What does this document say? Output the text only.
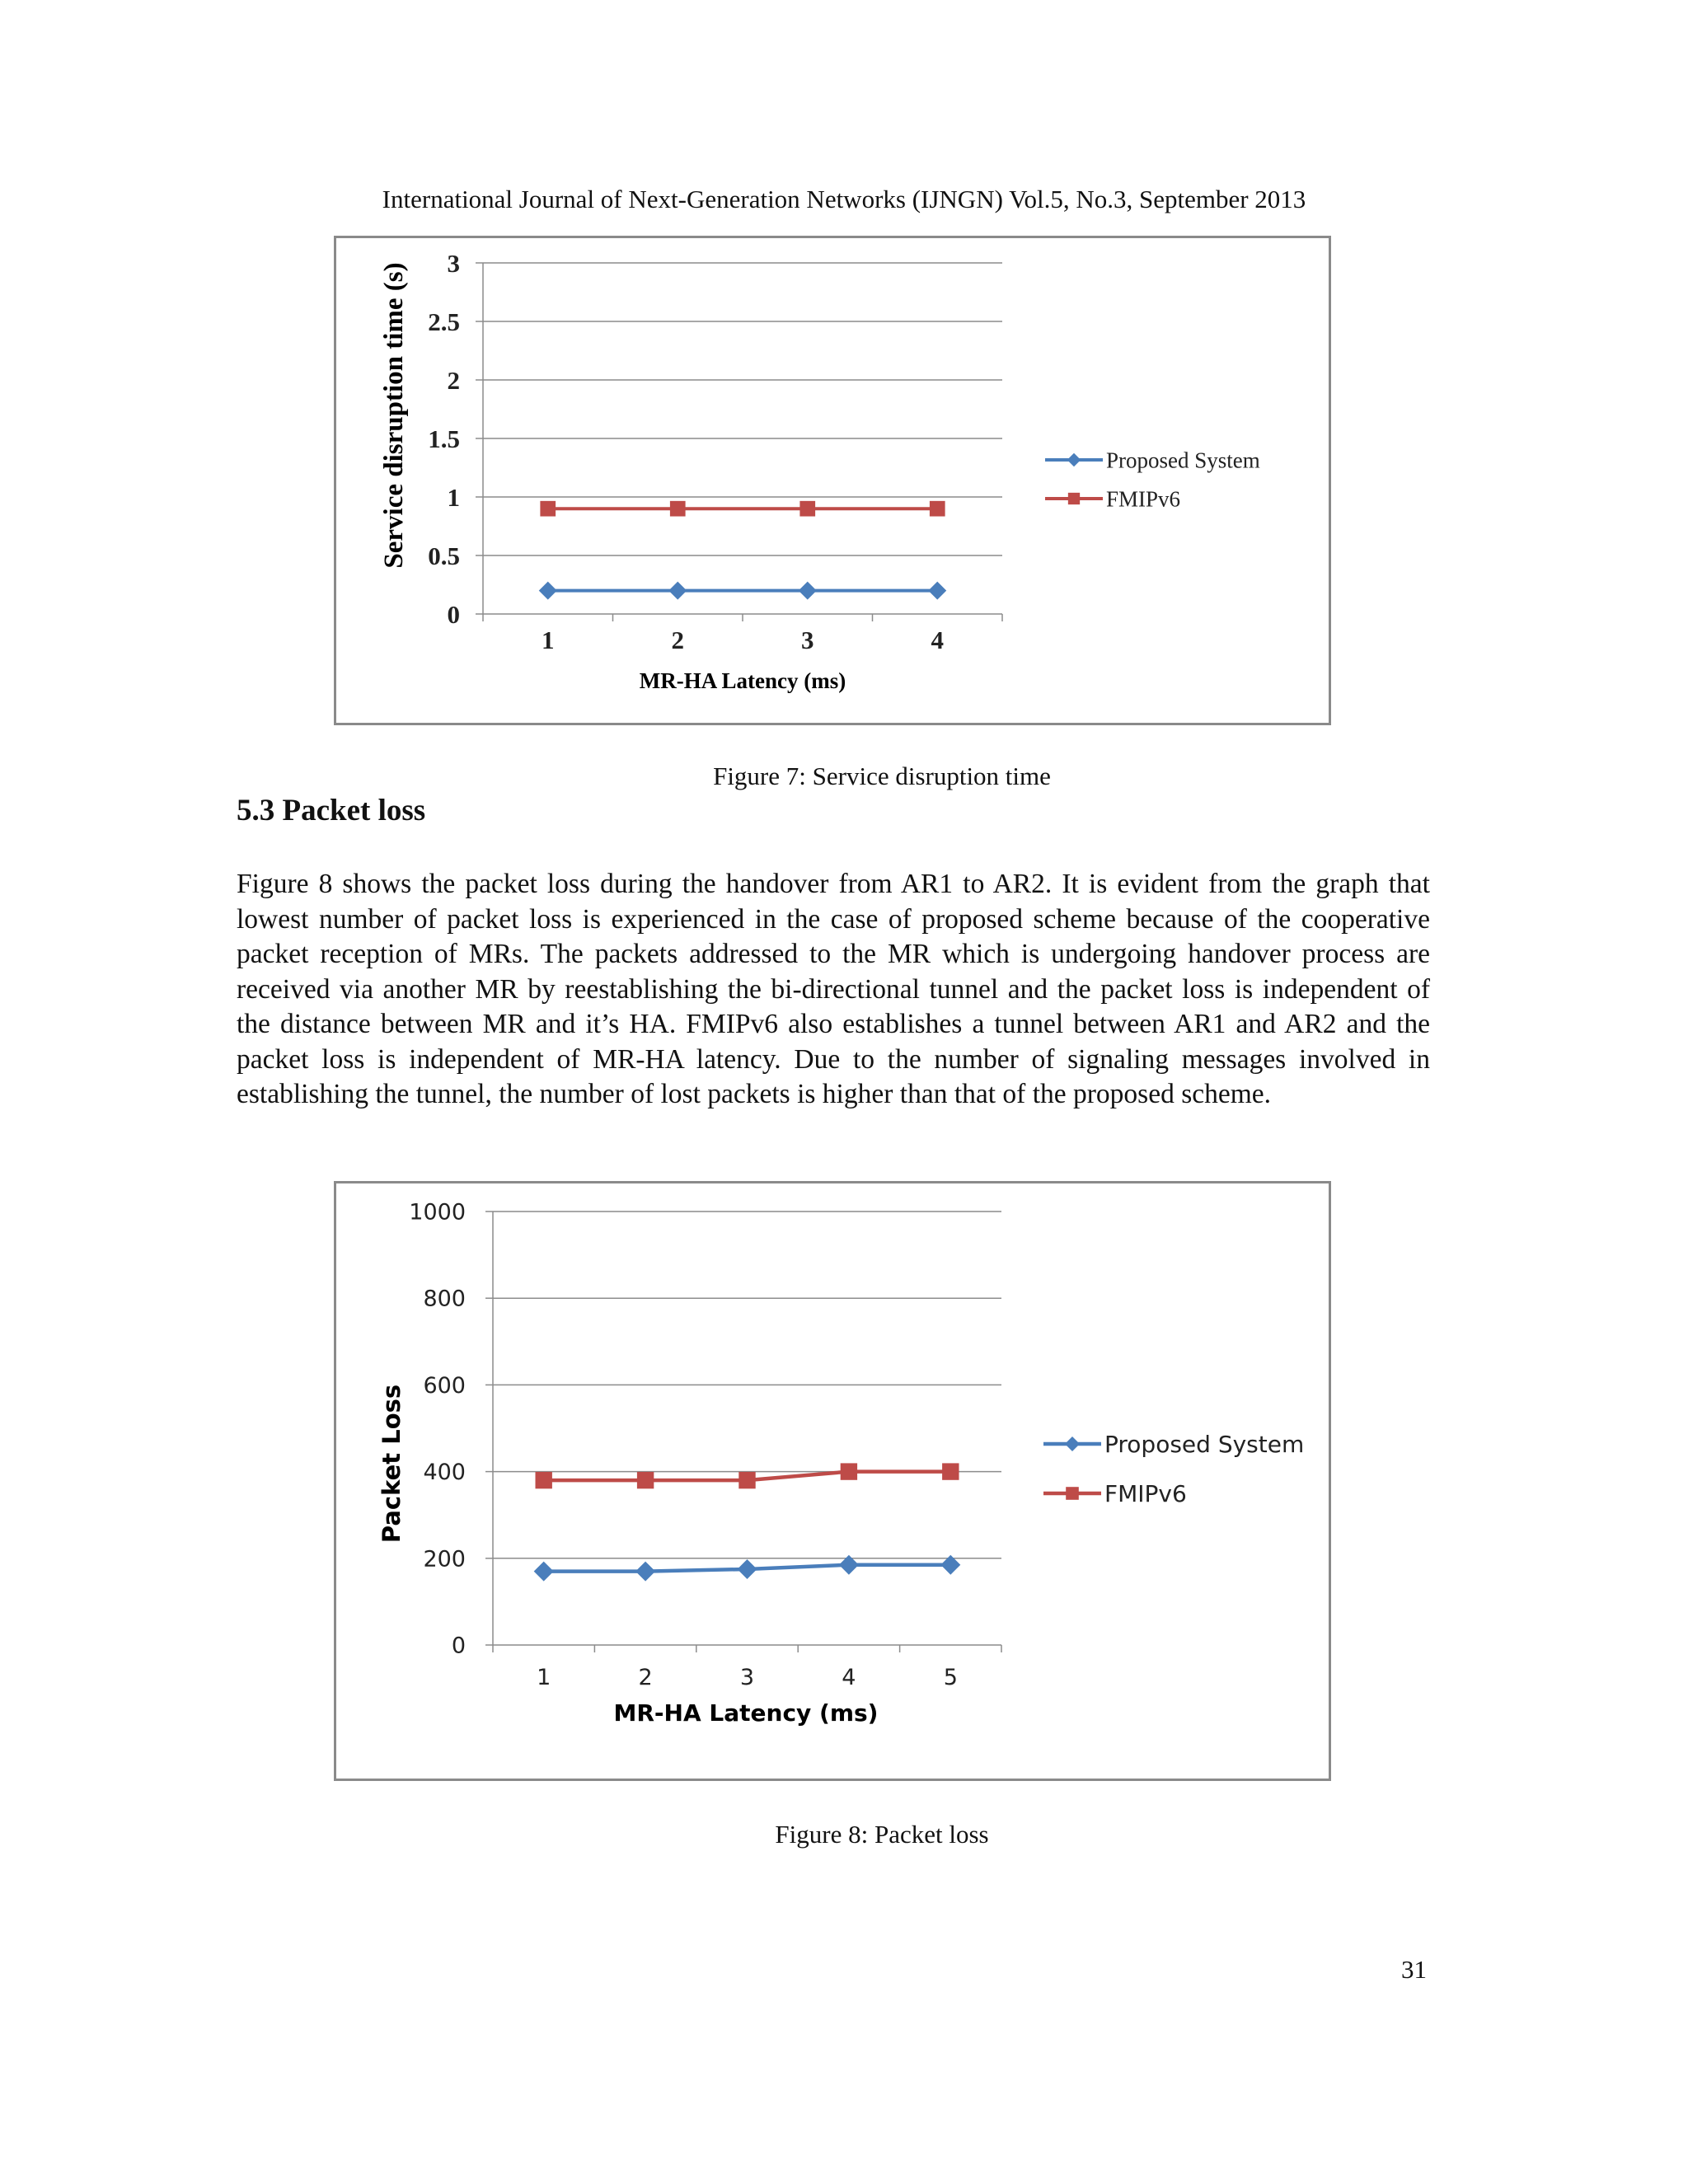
International Journal of Next-Generation Networks (IJNGN) Vol.5, No.3, September 2013
0
0.5
1
1.5
2
2.5
3
1	2	3	4
Proposed System
FMIPv6
MR-HA Latency (ms)
Service disruption time (s)
Figure 7: Service disruption time
5.3 Packet loss
Figure 8 shows the packet loss during the handover from AR1 to AR2. It is evident from the graph that lowest number of packet loss is experienced in the case of proposed scheme because of the cooperative packet reception of MRs. The packets addressed to the MR which is undergoing handover process are received via another MR by reestablishing the bi-directional tunnel and the packet loss is independent of the distance between MR and it’s HA. FMIPv6 also establishes a tunnel between AR1 and AR2 and the packet loss is independent of MR-HA latency. Due to the number of signaling messages involved in establishing the tunnel, the number of lost packets is higher than that of the proposed scheme.
0
200
400
600
800
1000
1	2	3	4	5
Proposed System
FMIPv6
MR-HA Latency (ms)
Packet Loss
Figure 8: Packet loss
31
